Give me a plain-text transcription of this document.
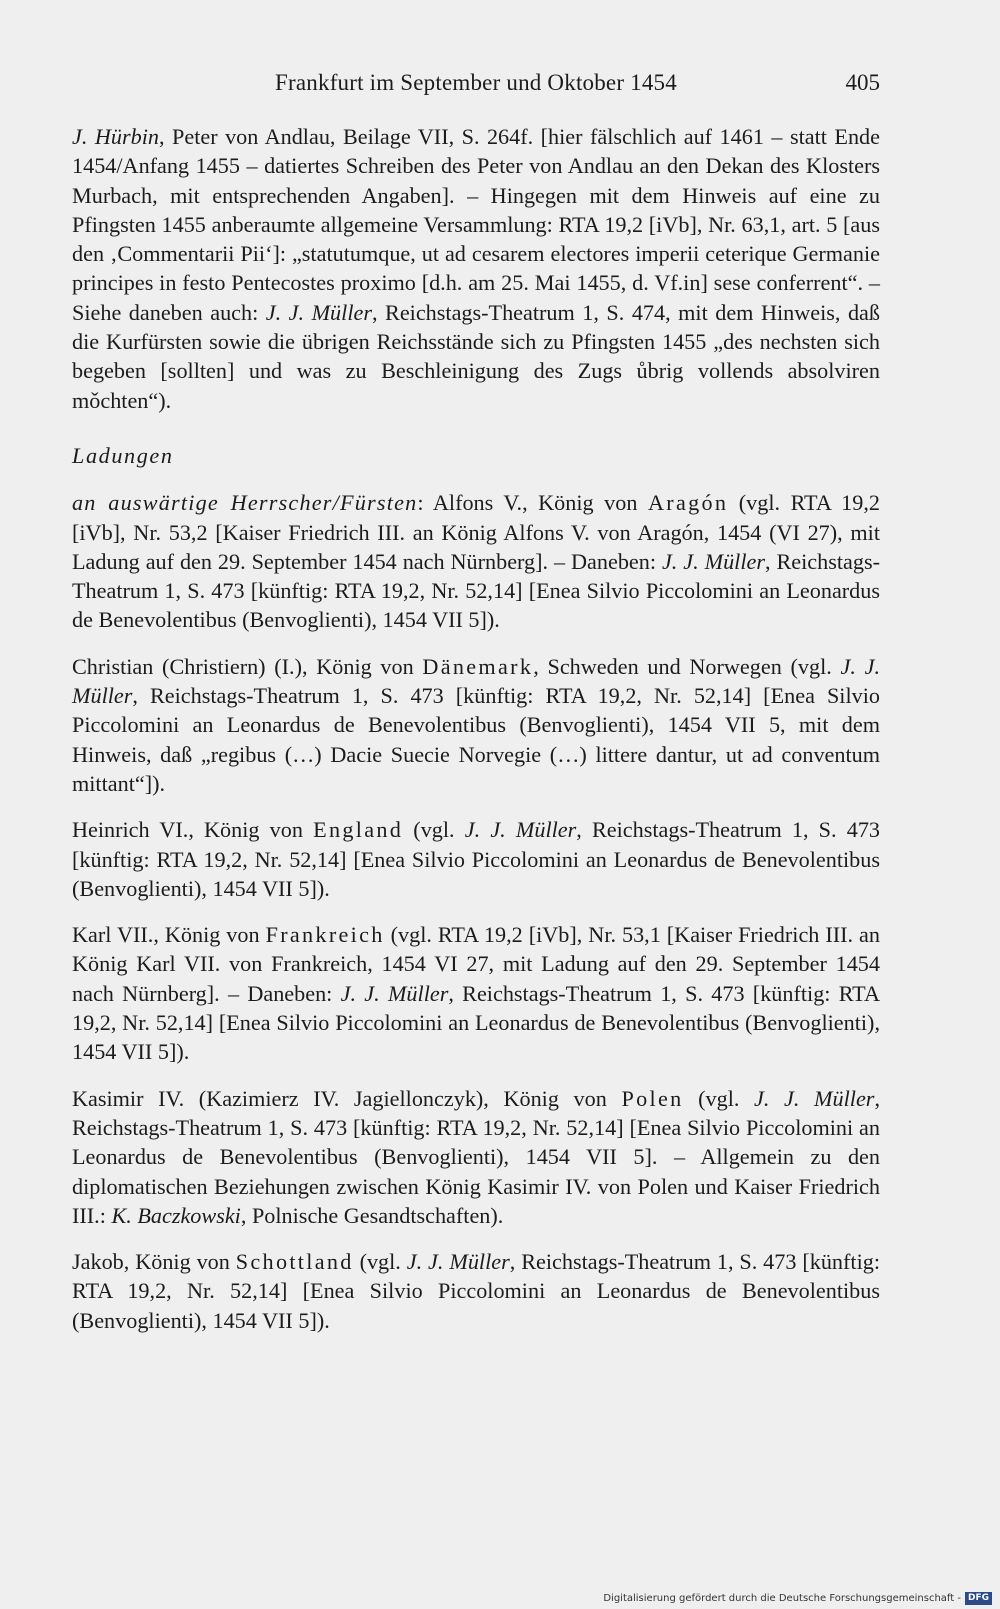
Frankfurt im September und Oktober 1454	405

J. Hürbin, Peter von Andlau, Beilage VII, S. 264f. [hier fälschlich auf 1461 – statt Ende 1454/Anfang 1455 – datiertes Schreiben des Peter von Andlau an den Dekan des Klosters Murbach, mit entsprechenden Angaben]. – Hingegen mit dem Hinweis auf eine zu Pfingsten 1455 anberaumte allgemeine Versammlung: RTA 19,2 [iVb], Nr. 63,1, art. 5 [aus den ‚Commentarii Pii‘]: „statutumque, ut ad cesarem electores imperii ceterique Germanie principes in festo Pentecostes proximo [d.h. am 25. Mai 1455, d. Vf.in] sese conferrent“. – Siehe daneben auch: J. J. Müller, Reichstags-Theatrum 1, S. 474, mit dem Hinweis, daß die Kurfürsten sowie die übrigen Reichsstände sich zu Pfingsten 1455 „des nechsten sich begeben [sollten] und was zu Beschleinigung des Zugs ůbrig vollends absolviren mǒchten“).

Ladungen

an auswärtige Herrscher/Fürsten: Alfons V., König von Aragón (vgl. RTA 19,2 [iVb], Nr. 53,2 [Kaiser Friedrich III. an König Alfons V. von Aragón, 1454 (VI 27), mit Ladung auf den 29. September 1454 nach Nürnberg]. – Daneben: J. J. Müller, Reichstags-Theatrum 1, S. 473 [künftig: RTA 19,2, Nr. 52,14] [Enea Silvio Piccolomini an Leonardus de Benevolentibus (Benvoglienti), 1454 VII 5]).

Christian (Christiern) (I.), König von Dänemark, Schweden und Norwegen (vgl. J. J. Müller, Reichstags-Theatrum 1, S. 473 [künftig: RTA 19,2, Nr. 52,14] [Enea Silvio Piccolomini an Leonardus de Benevolentibus (Benvoglienti), 1454 VII 5, mit dem Hinweis, daß „regibus (…) Dacie Suecie Norvegie (…) littere dantur, ut ad conventum mittant“]).

Heinrich VI., König von England (vgl. J. J. Müller, Reichstags-Theatrum 1, S. 473 [künftig: RTA 19,2, Nr. 52,14] [Enea Silvio Piccolomini an Leonardus de Benevolentibus (Benvoglienti), 1454 VII 5]).

Karl VII., König von Frankreich (vgl. RTA 19,2 [iVb], Nr. 53,1 [Kaiser Friedrich III. an König Karl VII. von Frankreich, 1454 VI 27, mit Ladung auf den 29. September 1454 nach Nürnberg]. – Daneben: J. J. Müller, Reichstags-Theatrum 1, S. 473 [künftig: RTA 19,2, Nr. 52,14] [Enea Silvio Piccolomini an Leonardus de Benevolentibus (Benvoglienti), 1454 VII 5]).

Kasimir IV. (Kazimierz IV. Jagiellonczyk), König von Polen (vgl. J. J. Müller, Reichstags-Theatrum 1, S. 473 [künftig: RTA 19,2, Nr. 52,14] [Enea Silvio Piccolomini an Leonardus de Benevolentibus (Benvoglienti), 1454 VII 5]. – Allgemein zu den diplomatischen Beziehungen zwischen König Kasimir IV. von Polen und Kaiser Friedrich III.: K. Baczkowski, Polnische Gesandtschaften).

Jakob, König von Schottland (vgl. J. J. Müller, Reichstags-Theatrum 1, S. 473 [künftig: RTA 19,2, Nr. 52,14] [Enea Silvio Piccolomini an Leonardus de Benevolentibus (Benvoglienti), 1454 VII 5]).

Digitalisierung gefördert durch die Deutsche Forschungsgemeinschaft - DFG
